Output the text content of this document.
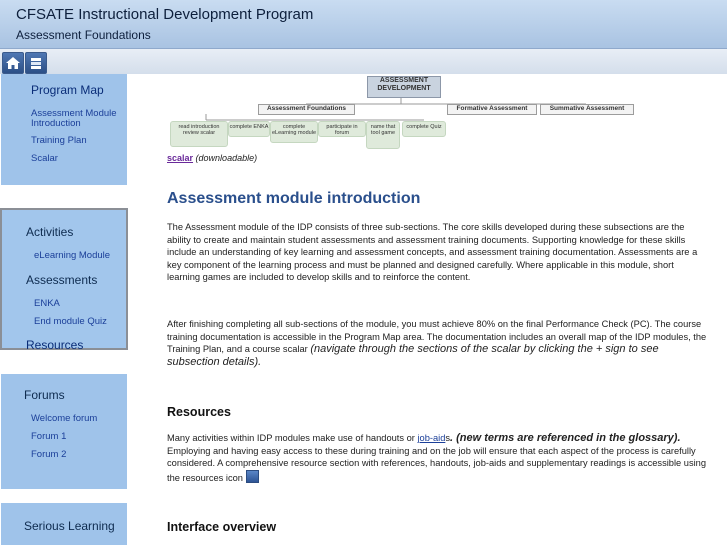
CFSATE Instructional Development Program
Assessment Foundations
Program Map
Assessment Module Introduction
Training Plan
Scalar
Activities
eLearning Module
Assessments
ENKA
End module Quiz
Resources
Forums
Welcome forum
Forum 1
Forum 2
Serious Learning
ASSESSMENT DEVELOPMENT
Assessment Foundations	Formative Assessment	Summative Assessment
read introduction review scalar
complete ENKA	complete eLearning module
participate in forum
name that tool game
complete Quiz
scalar (downloadable)
Assessment module introduction

The Assessment module of the IDP consists of three sub-sections. The core skills developed during these subsections are the ability to create and maintain student assessments and assessment training documents. Supporting knowledge for these skills include an understanding of key learning and assessment concepts, and assessment training documentation. Assessments are a key component of the learning process and must be planned and designed carefully. Where applicable in this module, short learning games are included to develop skills and to reinforce the content.

After finishing completing all sub-sections of the module, you must achieve 80% on the final Performance Check (PC). The course training documentation is accessible in the Program Map area. The documentation includes an overall map of the IDP modules, the Training Plan, and a course scalar (navigate through the sections of the scalar by clicking the + sign to see subsection details).

Resources

Many activities within IDP modules make use of handouts or job-aids. (new terms are referenced in the glossary). Employing and having easy access to these during training and on the job will ensure that each aspect of the process is carefully considered. A comprehensive resource section with references, handouts, job-aids and supplementary readings is accessible using the resources icon

Interface overview
